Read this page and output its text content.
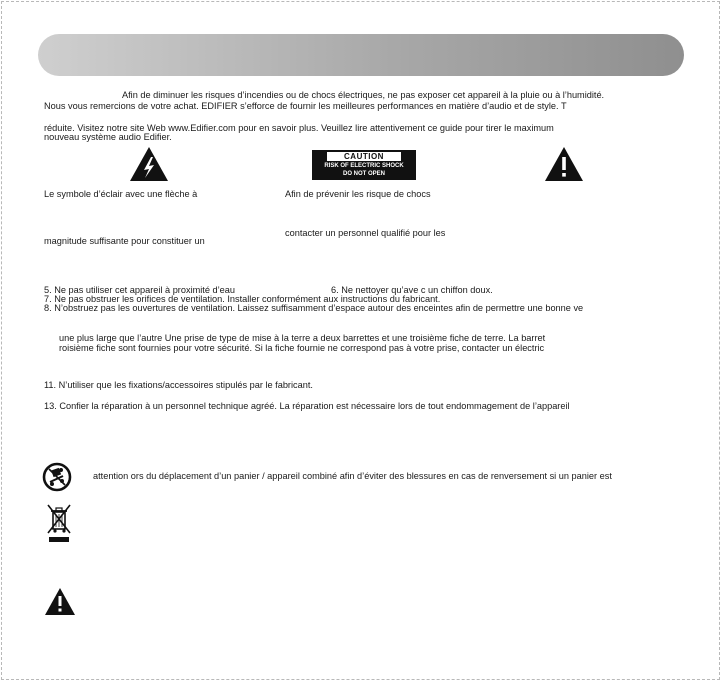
Afin de diminuer les risques d’incendies ou de chocs électriques, ne pas exposer cet appareil à la pluie ou à l’humidité.
Nous vous remercions de votre achat. EDIFIER s’efforce de fournir les meilleures performances en matière d’audio et de style. T
réduite. Visitez notre site Web www.Edifier.com pour en savoir plus. Veuillez lire attentivement ce guide pour tirer le maximum
nouveau système audio Edifier.
CAUTION
RISK OF ELECTRIC SHOCK
DO NOT OPEN
Le symbole d’éclair avec une flèche à	Afin de prévenir les risque de chocs
contacter un personnel qualifié pour les
magnitude suffisante pour constituer un
5. Ne pas utiliser cet appareil à proximité d’eau	6. Ne nettoyer qu’ave c un chiffon doux.
7. Ne pas obstruer les orifices de ventilation. Installer conformément aux instructions du fabricant.
8. N’obstruez pas les ouvertures de ventilation. Laissez suffisamment d’espace autour des enceintes afin de permettre une bonne ve
une plus large que l’autre Une prise de type de mise à la terre a deux barrettes et une troisième fiche de terre. La barret
roisième fiche sont fournies pour votre sécurité. Si la fiche fournie ne correspond pas à votre prise, contacter un électric
11. N’utiliser que les fixations/accessoires stipulés par le fabricant.
13. Confier la réparation à un personnel technique agréé. La réparation est nécessaire lors de tout endommagement de l’appareil
attention ors du déplacement d’un panier / appareil combiné afin d’éviter des blessures en cas de renversement si un panier est
